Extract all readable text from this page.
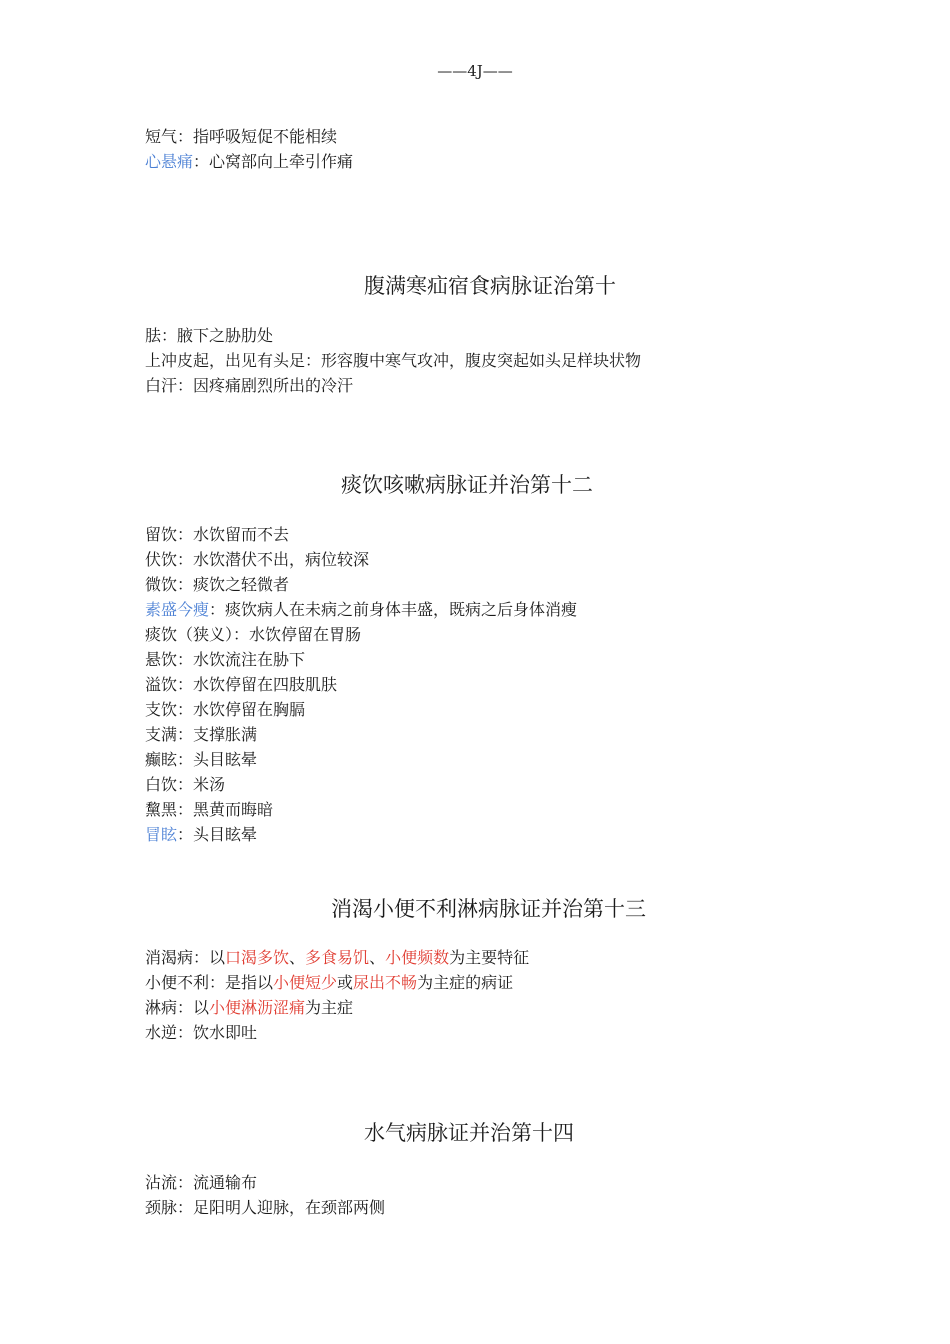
——4J——
短气：指呼吸短促不能相续
心悬痛：心窝部向上牵引作痛
腹满寒疝宿食病脉证治第十
胠：腋下之胁肋处
上冲皮起，出见有头足：形容腹中寒气攻冲，腹皮突起如头足样块状物
白汗：因疼痛剧烈所出的冷汗
痰饮咳嗽病脉证并治第十二
留饮：水饮留而不去
伏饮：水饮潜伏不出，病位较深
微饮：痰饮之轻微者
素盛今瘦：痰饮病人在未病之前身体丰盛，既病之后身体消瘦
痰饮（狭义）：水饮停留在胃肠
悬饮：水饮流注在胁下
溢饮：水饮停留在四肢肌肤
支饮：水饮停留在胸膈
支满：支撑胀满
癫眩：头目眩晕
白饮：米汤
黧黑：黑黄而晦暗
冒眩：头目眩晕
消渴小便不利淋病脉证并治第十三
消渴病：以口渴多饮、多食易饥、小便频数为主要特征
小便不利：是指以小便短少或尿出不畅为主症的病证
淋病：以小便淋沥涩痛为主症
水逆：饮水即吐
水气病脉证并治第十四
沾流：流通输布
颈脉：足阳明人迎脉，在颈部两侧
